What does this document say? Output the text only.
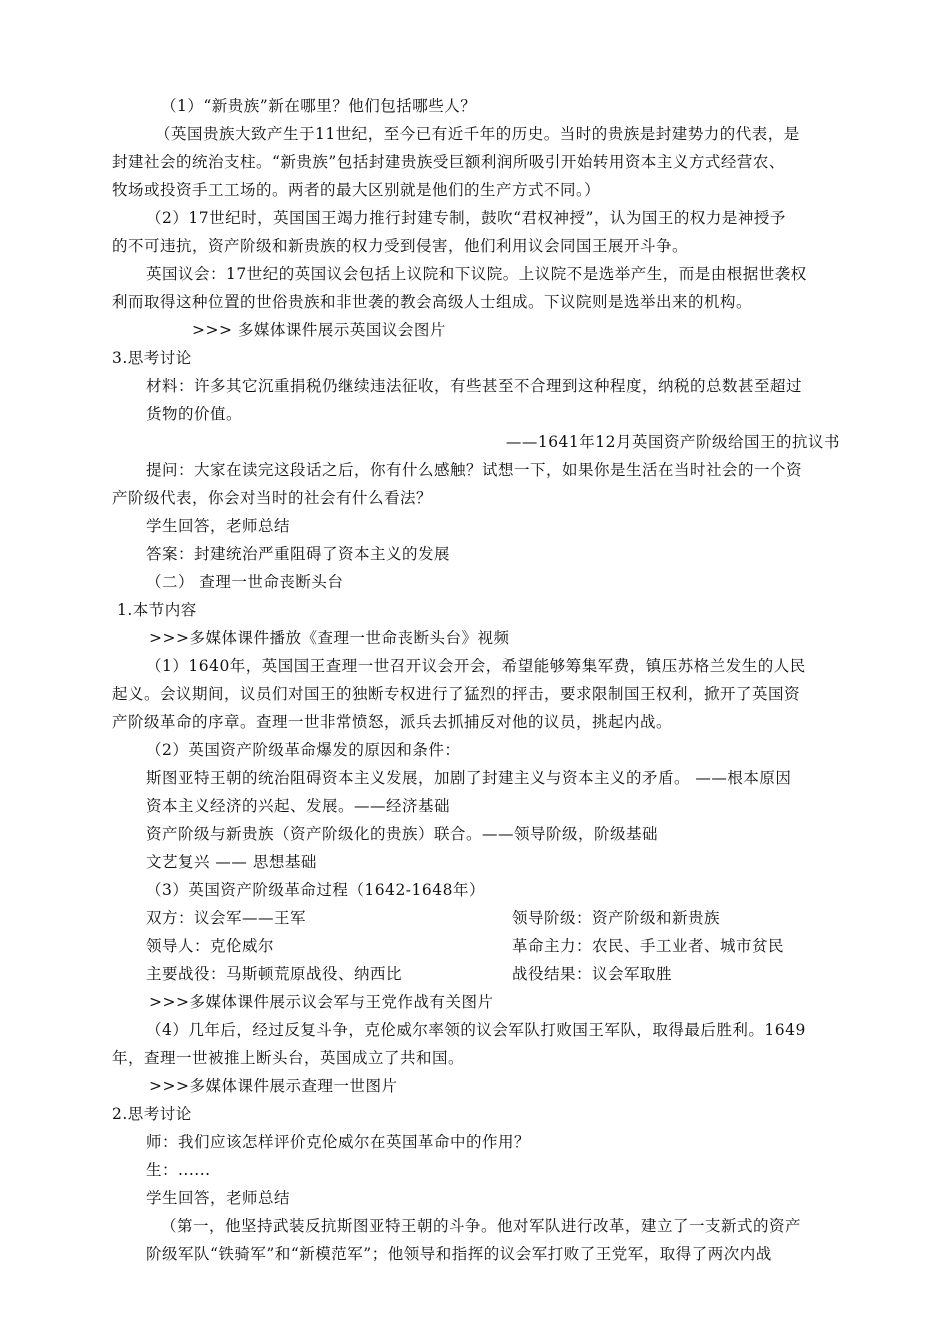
（1）“新贵族”新在哪里？他们包括哪些人？
（英国贵族大致产生于11世纪，至今已有近千年的历史。当时的贵族是封建势力的代表，是
封建社会的统治支柱。“新贵族”包括封建贵族受巨额利润所吸引开始转用资本主义方式经营农、
牧场或投资手工工场的。两者的最大区别就是他们的生产方式不同。）
（2）17世纪时，英国国王竭力推行封建专制，鼓吹“君权神授”，认为国王的权力是神授予
的不可违抗，资产阶级和新贵族的权力受到侵害，他们利用议会同国王展开斗争。
英国议会：17世纪的英国议会包括上议院和下议院。上议院不是选举产生，而是由根据世袭权
利而取得这种位置的世俗贵族和非世袭的教会高级人士组成。下议院则是选举出来的机构。
>>> 多媒体课件展示英国议会图片
3.思考讨论
材料：许多其它沉重捐税仍继续违法征收，有些甚至不合理到这种程度，纳税的总数甚至超过
货物的价值。
——1641年12月英国资产阶级给国王的抗议书
提问：大家在读完这段话之后，你有什么感触？试想一下，如果你是生活在当时社会的一个资
产阶级代表，你会对当时的社会有什么看法？
学生回答，老师总结
答案：封建统治严重阻碍了资本主义的发展
（二） 查理一世命丧断头台
1.本节内容
>>>多媒体课件播放《查理一世命丧断头台》视频
（1）1640年，英国国王查理一世召开议会开会，希望能够筹集军费，镇压苏格兰发生的人民
起义。会议期间，议员们对国王的独断专权进行了猛烈的抨击，要求限制国王权利，掀开了英国资
产阶级革命的序章。查理一世非常愤怒，派兵去抓捕反对他的议员，挑起内战。
（2）英国资产阶级革命爆发的原因和条件：
斯图亚特王朝的统治阻碍资本主义发展，加剧了封建主义与资本主义的矛盾。 ——根本原因
资本主义经济的兴起、发展。——经济基础
资产阶级与新贵族（资产阶级化的贵族）联合。——领导阶级，阶级基础
文艺复兴 —— 思想基础
（3）英国资产阶级革命过程（1642-1648年）
双方：议会军——王军	领导阶级：资产阶级和新贵族
领导人：克伦威尔	革命主力：农民、手工业者、城市贫民
主要战役：马斯顿荒原战役、纳西比	战役结果：议会军取胜
>>>多媒体课件展示议会军与王党作战有关图片
（4）几年后，经过反复斗争，克伦威尔率领的议会军队打败国王军队，取得最后胜利。1649
年，查理一世被推上断头台，英国成立了共和国。
>>>多媒体课件展示查理一世图片
2.思考讨论
师：我们应该怎样评价克伦威尔在英国革命中的作用？
生：......
学生回答，老师总结
（第一，他坚持武装反抗斯图亚特王朝的斗争。他对军队进行改革，建立了一支新式的资产
阶级军队“铁骑军”和“新模范军”；他领导和指挥的议会军打败了王党军，取得了两次内战
